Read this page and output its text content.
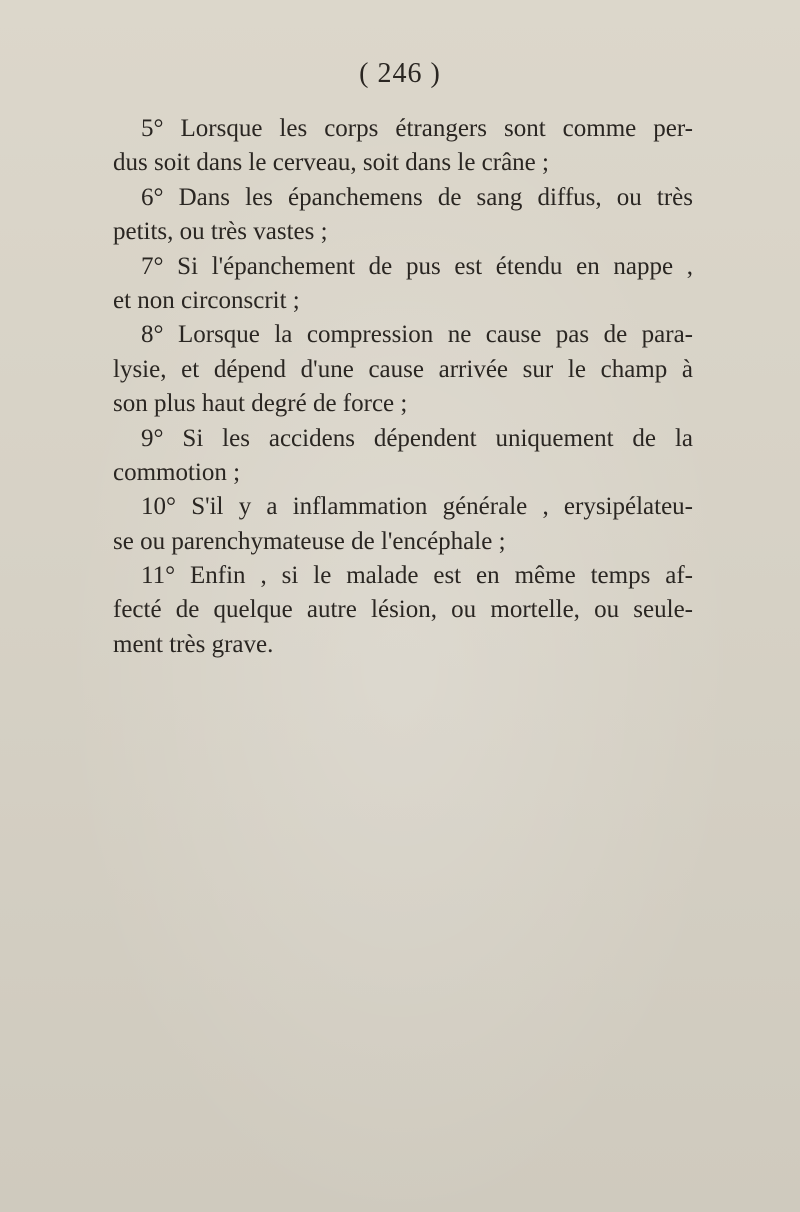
( 246 )
5° Lorsque les corps étrangers sont comme per-
dus soit dans le cerveau, soit dans le crâne ;
6° Dans les épanchemens de sang diffus, ou très
petits, ou très vastes ;
7° Si l'épanchement de pus est étendu en nappe ,
et non circonscrit ;
8° Lorsque la compression ne cause pas de para-
lysie, et dépend d'une cause arrivée sur le champ à
son plus haut degré de force ;
9° Si les accidens dépendent uniquement de la
commotion ;
10° S'il y a inflammation générale , erysipélateu-
se ou parenchymateuse de l'encéphale ;
11° Enfin , si le malade est en même temps af-
fecté de quelque autre lésion, ou mortelle, ou seule-
ment très grave.
